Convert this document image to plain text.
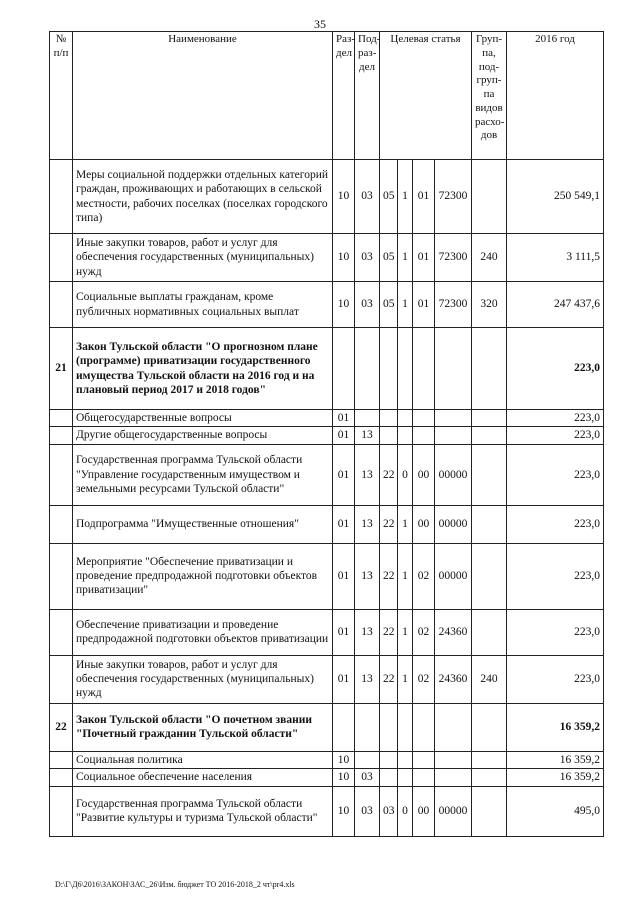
35
№ п/п	Наименование	Раз-дел	Под-раз-дел	Целевая статья				Груп-па, под-груп-па видов расхо-дов	2016 год
	Меры социальной поддержки отдельных категорий граждан, проживающих и работающих в сельской местности, рабочих поселках (поселках городского типа)	10	03	05	1	01	72300		250 549,1
	Иные закупки товаров, работ и услуг для обеспечения государственных (муниципальных) нужд	10	03	05	1	01	72300	240	3 111,5
	Социальные выплаты гражданам, кроме публичных нормативных социальных выплат	10	03	05	1	01	72300	320	247 437,6
21	Закон Тульской области "О прогнозном плане (программе) приватизации государственного имущества Тульской области на 2016 год и на плановый период 2017 и 2018 годов"								223,0
	Общегосударственные вопросы	01							223,0
	Другие общегосударственные вопросы	01	13						223,0
	Государственная программа Тульской области "Управление государственным имуществом и земельными ресурсами Тульской области"	01	13	22	0	00	00000		223,0
	Подпрограмма "Имущественные отношения"	01	13	22	1	00	00000		223,0
	Мероприятие "Обеспечение приватизации и проведение предпродажной подготовки объектов приватизации"	01	13	22	1	02	00000		223,0
	Обеспечение приватизации и проведение предпродажной подготовки объектов приватизации	01	13	22	1	02	24360		223,0
	Иные закупки товаров, работ и услуг для обеспечения государственных (муниципальных) нужд	01	13	22	1	02	24360	240	223,0
22	Закон Тульской области "О почетном звании "Почетный гражданин Тульской области"								16 359,2
	Социальная политика	10							16 359,2
	Социальное обеспечение населения	10	03						16 359,2
	Государственная программа Тульской области "Развитие культуры и туризма Тульской области"	10	03	03	0	00	00000		495,0
D:\Г\Д6\2016\ЗАКОН\ЗАС_26\Изм. бюджет ТО 2016-2018_2 чт\pr4.xls
